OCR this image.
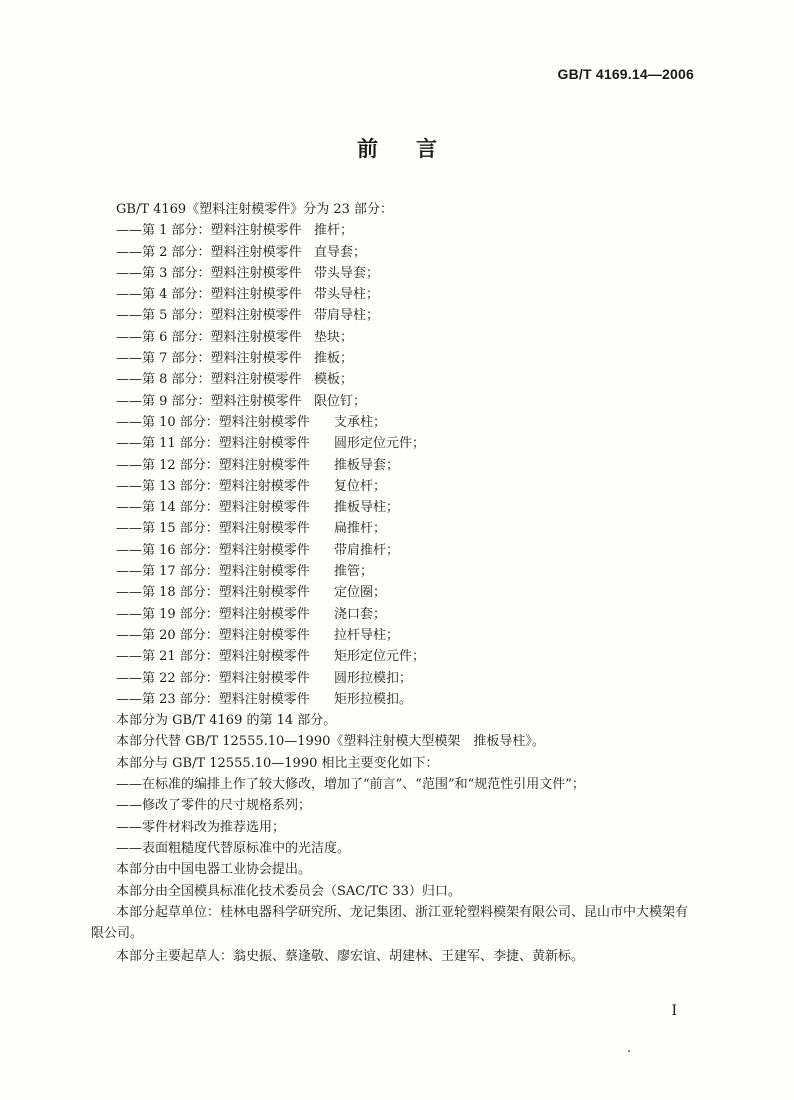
GB/T 4169.14—2006
前言
GB/T 4169《塑料注射模零件》分为 23 部分：
——第 1 部分：塑料注射模零件 推杆；
——第 2 部分：塑料注射模零件 直导套；
——第 3 部分：塑料注射模零件 带头导套；
——第 4 部分：塑料注射模零件 带头导柱；
——第 5 部分：塑料注射模零件 带肩导柱；
——第 6 部分：塑料注射模零件 垫块；
——第 7 部分：塑料注射模零件 推板；
——第 8 部分：塑料注射模零件 模板；
——第 9 部分：塑料注射模零件 限位钉；
——第 10 部分：塑料注射模零件 支承柱；
——第 11 部分：塑料注射模零件 圆形定位元件；
——第 12 部分：塑料注射模零件 推板导套；
——第 13 部分：塑料注射模零件 复位杆；
——第 14 部分：塑料注射模零件 推板导柱；
——第 15 部分：塑料注射模零件 扁推杆；
——第 16 部分：塑料注射模零件 带肩推杆；
——第 17 部分：塑料注射模零件 推管；
——第 18 部分：塑料注射模零件 定位圈；
——第 19 部分：塑料注射模零件 浇口套；
——第 20 部分：塑料注射模零件 拉杆导柱；
——第 21 部分：塑料注射模零件 矩形定位元件；
——第 22 部分：塑料注射模零件 圆形拉模扣；
——第 23 部分：塑料注射模零件 矩形拉模扣。
本部分为 GB/T 4169 的第 14 部分。
本部分代替 GB/T 12555.10—1990《塑料注射模大型模架　推板导柱》。
本部分与 GB/T 12555.10—1990 相比主要变化如下：
——在标准的编排上作了较大修改，增加了“前言”、“范围”和“规范性引用文件”；
——修改了零件的尺寸规格系列；
——零件材料改为推荐选用；
——表面粗糙度代替原标准中的光洁度。
本部分由中国电器工业协会提出。
本部分由全国模具标准化技术委员会（SAC/TC 33）归口。
本部分起草单位：桂林电器科学研究所、龙记集团、浙江亚轮塑料模架有限公司、昆山市中大模架有
限公司。
本部分主要起草人：翁史振、蔡逢敬、廖宏谊、胡建林、王建军、李捷、黄新标。
I
